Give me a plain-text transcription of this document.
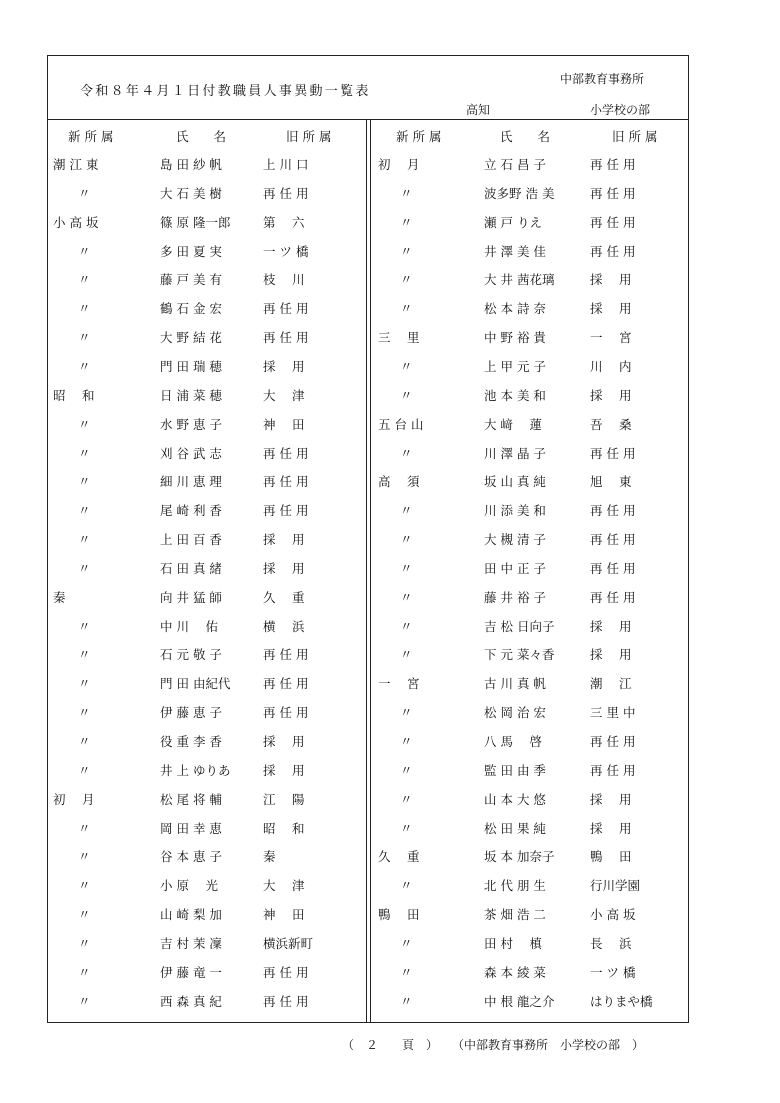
令和８年４月１日付教職員人事異動一覧表
中部教育事務所
高知	小学校の部
新 所 属	氏　　名	旧 所 属	新 所 属	氏　　名	旧 所 属
潮 江 東	島 田 紗 帆	上 川 口
〃	大 石 美 樹	再 任 用
小 高 坂	篠 原 隆一郎	第　 六
〃	多 田 夏 実	一 ツ 橋
〃	藤 戸 美 有	枝　 川
〃	鶴 石 金 宏	再 任 用
〃	大 野 結 花	再 任 用
〃	門 田 瑞 穂	採　 用
昭　 和	日 浦 菜 穂	大　 津
〃	水 野 恵 子	神　 田
〃	刈 谷 武 志	再 任 用
〃	細 川 恵 理	再 任 用
〃	尾 崎 利 香	再 任 用
〃	上 田 百 香	採　 用
〃	石 田 真 緒	採　 用
秦	向 井 猛 師	久　 重
〃	中 川　 佑	横　 浜
〃	石 元 敬 子	再 任 用
〃	門 田 由紀代	再 任 用
〃	伊 藤 恵 子	再 任 用
〃	役 重 李 香	採　 用
〃	井 上 ゆりあ	採　 用
初　 月	松 尾 将 輔	江　 陽
〃	岡 田 幸 恵	昭　 和
〃	谷 本 恵 子	秦
〃	小 原　 光	大　 津
〃	山 崎 梨 加	神　 田
〃	吉 村 茉 凜	横浜新町
〃	伊 藤 竜 一	再 任 用
〃	西 森 真 紀	再 任 用
初　 月	立 石 昌 子	再 任 用
〃	波多野 浩 美	再 任 用
〃	瀬 戸 りえ	再 任 用
〃	井 澤 美 佳	再 任 用
〃	大 井 茜花璃	採　 用
〃	松 本 詩 奈	採　 用
三　 里	中 野 裕 貴	一　 宮
〃	上 甲 元 子	川　 内
〃	池 本 美 和	採　 用
五 台 山	大 﨑　 蓮	吾　 桑
〃	川 澤 晶 子	再 任 用
高　 須	坂 山 真 純	旭　 東
〃	川 添 美 和	再 任 用
〃	大 槻 清 子	再 任 用
〃	田 中 正 子	再 任 用
〃	藤 井 裕 子	再 任 用
〃	吉 松 日向子	採　 用
〃	下 元 菜々香	採　 用
一　 宮	古 川 真 帆	潮　 江
〃	松 岡 治 宏	三 里 中
〃	八 馬　 啓	再 任 用
〃	監 田 由 季	再 任 用
〃	山 本 大 悠	採　 用
〃	松 田 果 純	採　 用
久　 重	坂 本 加奈子	鴨　 田
〃	北 代 朋 生	行川学園
鴨　 田	茶 畑 浩 二	小 高 坂
〃	田 村　 槙	長　 浜
〃	森 本 綾 菜	一 ツ 橋
〃	中 根 龍之介	はりまや橋
（　２　　頁　） （中部教育事務所　小学校の部　）
